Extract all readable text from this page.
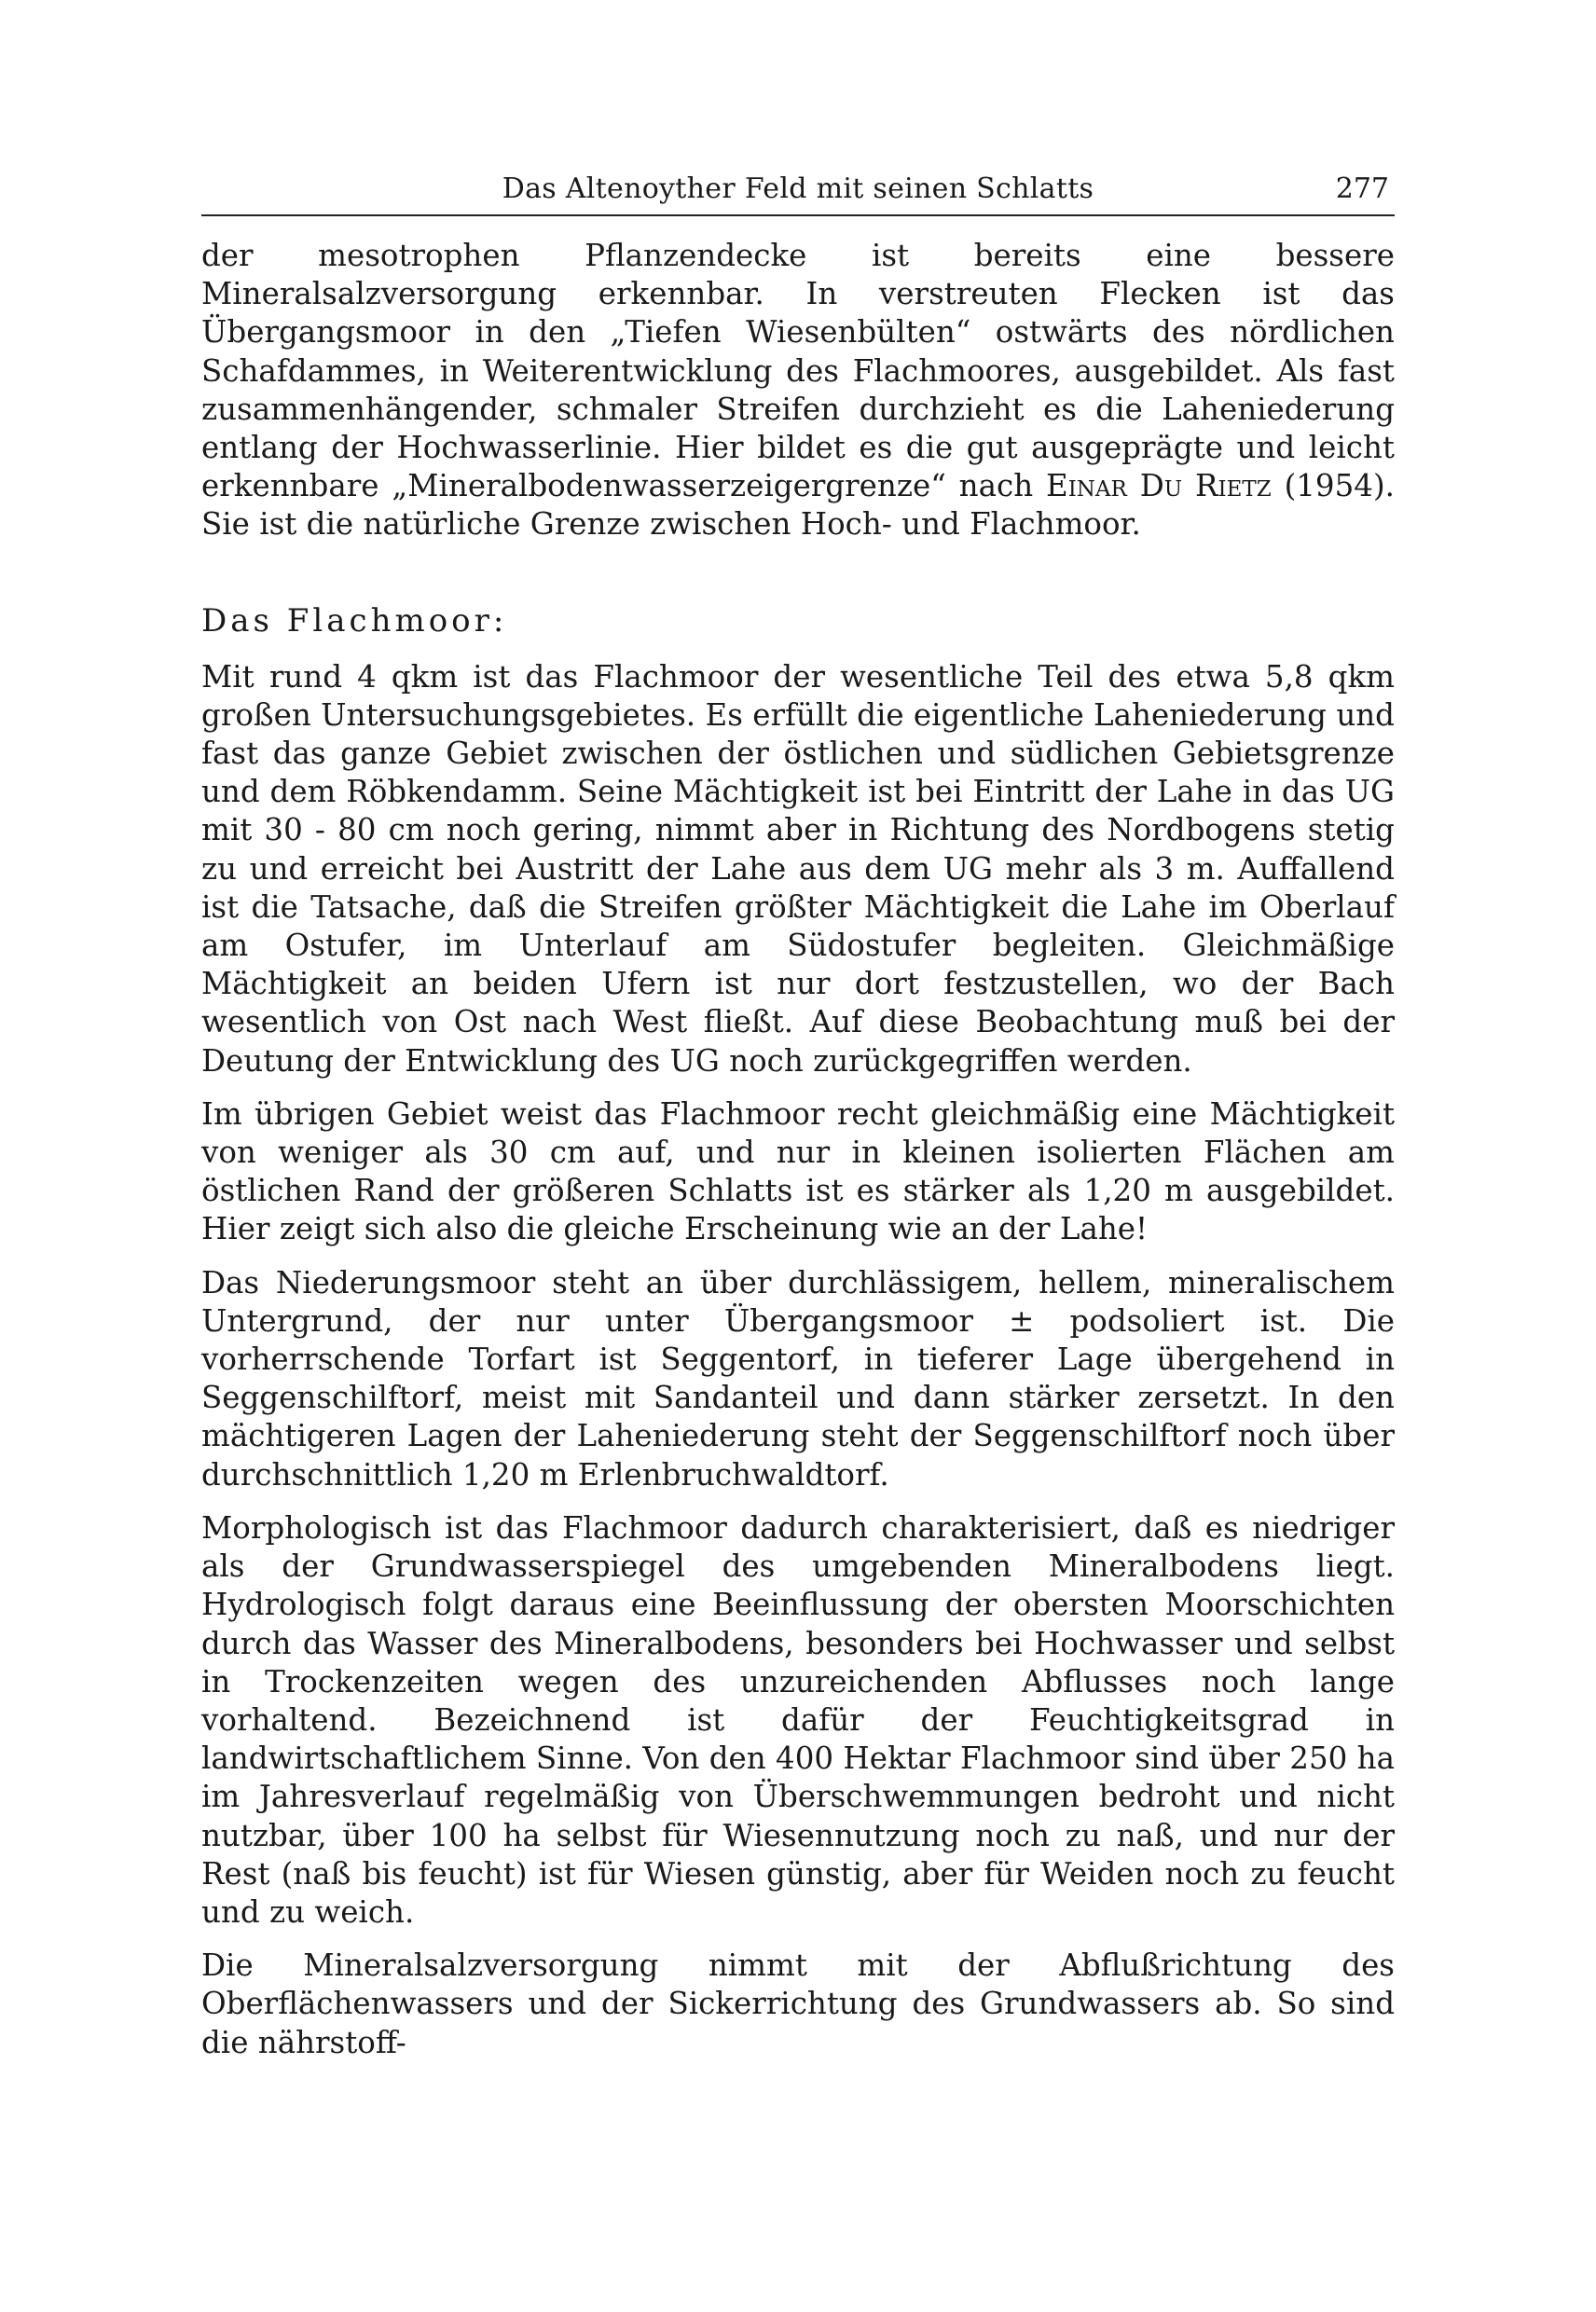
Das Altenoyther Feld mit seinen Schlatts	277

der mesotrophen Pflanzendecke ist bereits eine bessere Mineralsalzversorgung erkennbar. In verstreuten Flecken ist das Übergangsmoor in den „Tiefen Wiesenbülten“ ostwärts des nördlichen Schafdammes, in Weiterentwicklung des Flachmoores, ausgebildet. Als fast zusammenhängender, schmaler Streifen durchzieht es die Laheniederung entlang der Hochwasserlinie. Hier bildet es die gut ausgeprägte und leicht erkennbare „Mineralbodenwasserzeigergrenze“ nach Einar Du Rietz (1954). Sie ist die natürliche Grenze zwischen Hoch- und Flachmoor.

Das Flachmoor:

Mit rund 4 qkm ist das Flachmoor der wesentliche Teil des etwa 5,8 qkm großen Untersuchungsgebietes. Es erfüllt die eigentliche Laheniederung und fast das ganze Gebiet zwischen der östlichen und südlichen Gebietsgrenze und dem Röbkendamm. Seine Mächtigkeit ist bei Eintritt der Lahe in das UG mit 30 - 80 cm noch gering, nimmt aber in Richtung des Nordbogens stetig zu und erreicht bei Austritt der Lahe aus dem UG mehr als 3 m. Auffallend ist die Tatsache, daß die Streifen größter Mächtigkeit die Lahe im Oberlauf am Ostufer, im Unterlauf am Südostufer begleiten. Gleichmäßige Mächtigkeit an beiden Ufern ist nur dort festzustellen, wo der Bach wesentlich von Ost nach West fließt. Auf diese Beobachtung muß bei der Deutung der Entwicklung des UG noch zurückgegriffen werden.

Im übrigen Gebiet weist das Flachmoor recht gleichmäßig eine Mächtigkeit von weniger als 30 cm auf, und nur in kleinen isolierten Flächen am östlichen Rand der größeren Schlatts ist es stärker als 1,20 m ausgebildet. Hier zeigt sich also die gleiche Erscheinung wie an der Lahe!

Das Niederungsmoor steht an über durchlässigem, hellem, mineralischem Untergrund, der nur unter Übergangsmoor ± podsoliert ist. Die vorherrschende Torfart ist Seggentorf, in tieferer Lage übergehend in Seggenschilftorf, meist mit Sandanteil und dann stärker zersetzt. In den mächtigeren Lagen der Laheniederung steht der Seggenschilftorf noch über durchschnittlich 1,20 m Erlenbruchwaldtorf.

Morphologisch ist das Flachmoor dadurch charakterisiert, daß es niedriger als der Grundwasserspiegel des umgebenden Mineralbodens liegt. Hydrologisch folgt daraus eine Beeinflussung der obersten Moorschichten durch das Wasser des Mineralbodens, besonders bei Hochwasser und selbst in Trockenzeiten wegen des unzureichenden Abflusses noch lange vorhaltend. Bezeichnend ist dafür der Feuchtigkeitsgrad in landwirtschaftlichem Sinne. Von den 400 Hektar Flachmoor sind über 250 ha im Jahresverlauf regelmäßig von Überschwemmungen bedroht und nicht nutzbar, über 100 ha selbst für Wiesennutzung noch zu naß, und nur der Rest (naß bis feucht) ist für Wiesen günstig, aber für Weiden noch zu feucht und zu weich.

Die Mineralsalzversorgung nimmt mit der Abflußrichtung des Oberflächenwassers und der Sickerrichtung des Grundwassers ab. So sind die nährstoff-
